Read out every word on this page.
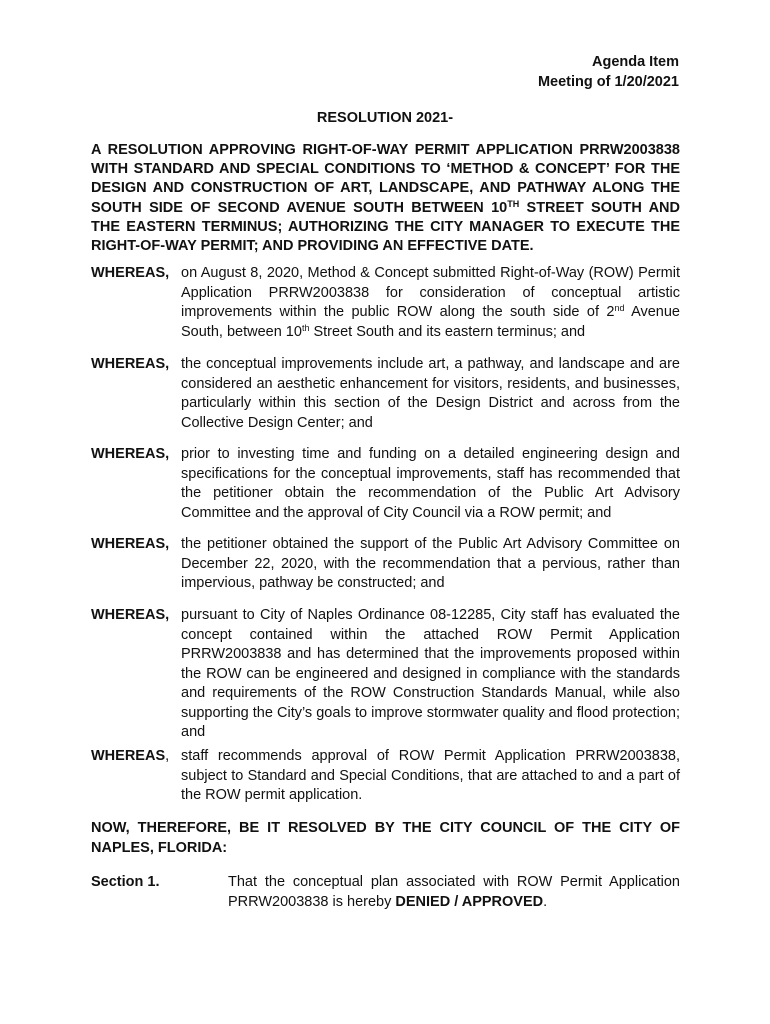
Agenda Item
Meeting of 1/20/2021
RESOLUTION 2021-
A RESOLUTION APPROVING RIGHT-OF-WAY PERMIT APPLICATION PRRW2003838 WITH STANDARD AND SPECIAL CONDITIONS TO ‘METHOD & CONCEPT’ FOR THE DESIGN AND CONSTRUCTION OF ART, LANDSCAPE, AND PATHWAY ALONG THE SOUTH SIDE OF SECOND AVENUE SOUTH BETWEEN 10TH STREET SOUTH AND THE EASTERN TERMINUS; AUTHORIZING THE CITY MANAGER TO EXECUTE THE RIGHT-OF-WAY PERMIT; AND PROVIDING AN EFFECTIVE DATE.
WHEREAS, on August 8, 2020, Method & Concept submitted Right-of-Way (ROW) Permit Application PRRW2003838 for consideration of conceptual artistic improvements within the public ROW along the south side of 2nd Avenue South, between 10th Street South and its eastern terminus; and
WHEREAS, the conceptual improvements include art, a pathway, and landscape and are considered an aesthetic enhancement for visitors, residents, and businesses, particularly within this section of the Design District and across from the Collective Design Center; and
WHEREAS, prior to investing time and funding on a detailed engineering design and specifications for the conceptual improvements, staff has recommended that the petitioner obtain the recommendation of the Public Art Advisory Committee and the approval of City Council via a ROW permit; and
WHEREAS, the petitioner obtained the support of the Public Art Advisory Committee on December 22, 2020, with the recommendation that a pervious, rather than impervious, pathway be constructed; and
WHEREAS, pursuant to City of Naples Ordinance 08-12285, City staff has evaluated the concept contained within the attached ROW Permit Application PRRW2003838 and has determined that the improvements proposed within the ROW can be engineered and designed in compliance with the standards and requirements of the ROW Construction Standards Manual, while also supporting the City’s goals to improve stormwater quality and flood protection; and
WHEREAS, staff recommends approval of ROW Permit Application PRRW2003838, subject to Standard and Special Conditions, that are attached to and a part of the ROW permit application.
NOW, THEREFORE, BE IT RESOLVED BY THE CITY COUNCIL OF THE CITY OF NAPLES, FLORIDA:
Section 1.	That the conceptual plan associated with ROW Permit Application PRRW2003838 is hereby DENIED / APPROVED.
